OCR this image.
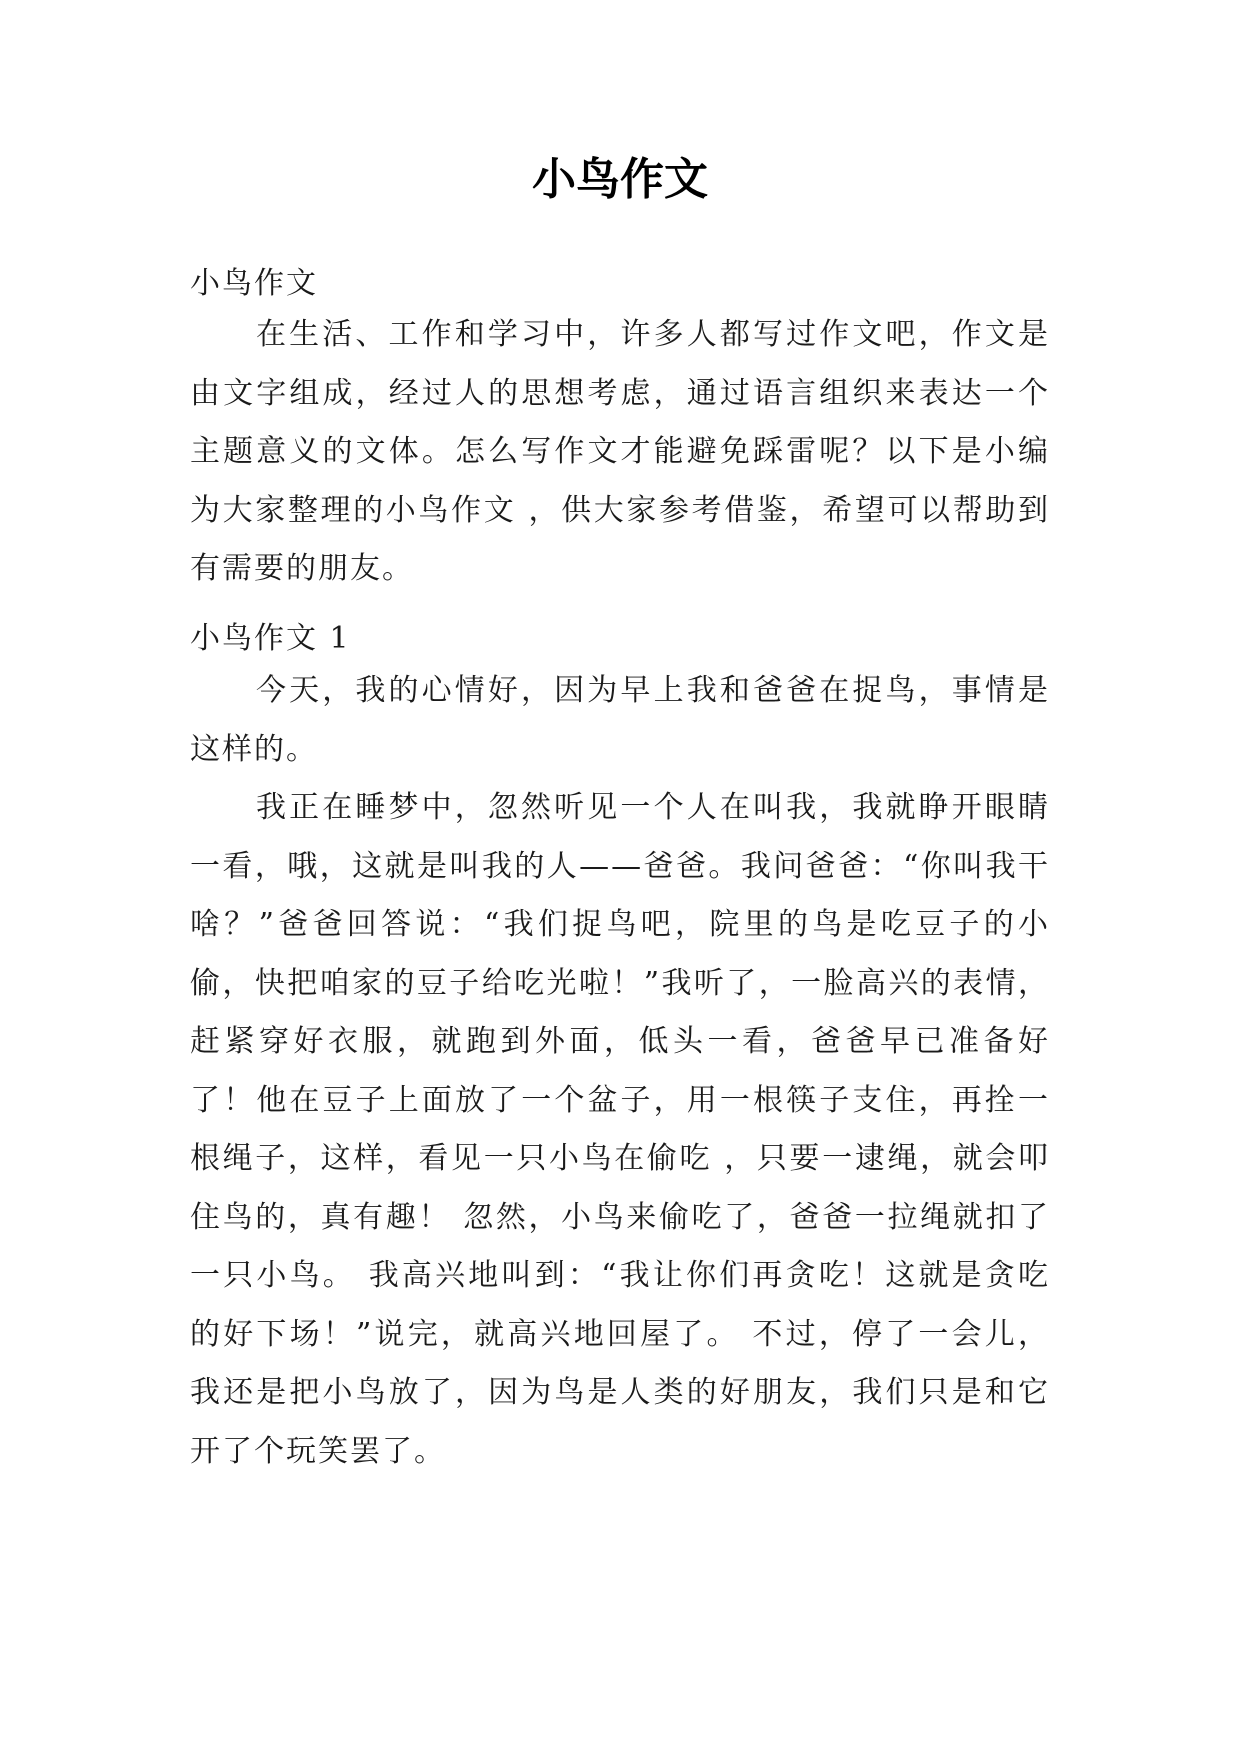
小鸟作文

小鸟作文

在生活、工作和学习中，许多人都写过作文吧，作文是由文字组成，经过人的思想考虑，通过语言组织来表达一个主题意义的文体。怎么写作文才能避免踩雷呢？以下是小编为大家整理的小鸟作文 ，供大家参考借鉴，希望可以帮助到有需要的朋友。

小鸟作文 1

今天，我的心情好，因为早上我和爸爸在捉鸟，事情是这样的。

我正在睡梦中，忽然听见一个人在叫我，我就睁开眼睛一看，哦，这就是叫我的人——爸爸。我问爸爸：“你叫我干啥？”爸爸回答说：“我们捉鸟吧，院里的鸟是吃豆子的小偷，快把咱家的豆子给吃光啦！”我听了，一脸高兴的表情，赶紧穿好衣服，就跑到外面，低头一看，爸爸早已准备好了！他在豆子上面放了一个盆子，用一根筷子支住，再拴一根绳子，这样，看见一只小鸟在偷吃 ，只要一逮绳，就会叩住鸟的，真有趣！ 忽然，小鸟来偷吃了，爸爸一拉绳就扣了一只小鸟。 我高兴地叫到：“我让你们再贪吃！这就是贪吃的好下场！”说完，就高兴地回屋了。 不过，停了一会儿，我还是把小鸟放了，因为鸟是人类的好朋友，我们只是和它开了个玩笑罢了。
